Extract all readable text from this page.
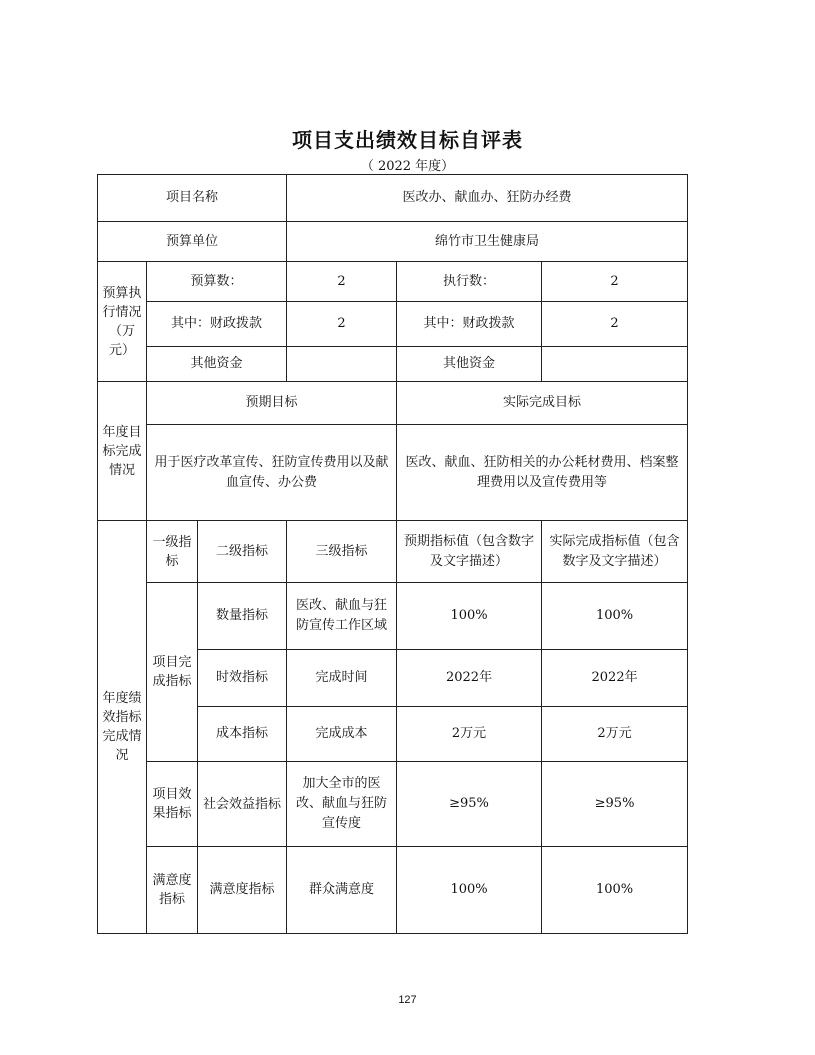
项目支出绩效目标自评表
（ 2022 年度）
项目名称			医改办、献血办、狂防办经费		
预算单位			绵竹市卫生健康局		
预算执行情况（万元）	预算数：		2	执行数：	2
	其中：财政拨款		2	其中：财政拨款	2
	其他资金			其他资金	
年度目标完成情况	预期目标			实际完成目标	
	用于医疗改革宣传、狂防宣传费用以及献血宣传、办公费			医改、献血、狂防相关的办公耗材费用、档案整理费用以及宣传费用等	
年度绩效指标完成情况	一级指标	二级指标	三级指标	预期指标值（包含数字及文字描述）	实际完成指标值（包含数字及文字描述）
	项目完成指标	数量指标	医改、献血与狂防宣传工作区域	100%	100%
		时效指标	完成时间	2022年	2022年
		成本指标	完成成本	2万元	2万元
	项目效果指标	社会效益指标	加大全市的医改、献血与狂防宣传度	≥95%	≥95%
	满意度指标	满意度指标	群众满意度	100%	100%
127
